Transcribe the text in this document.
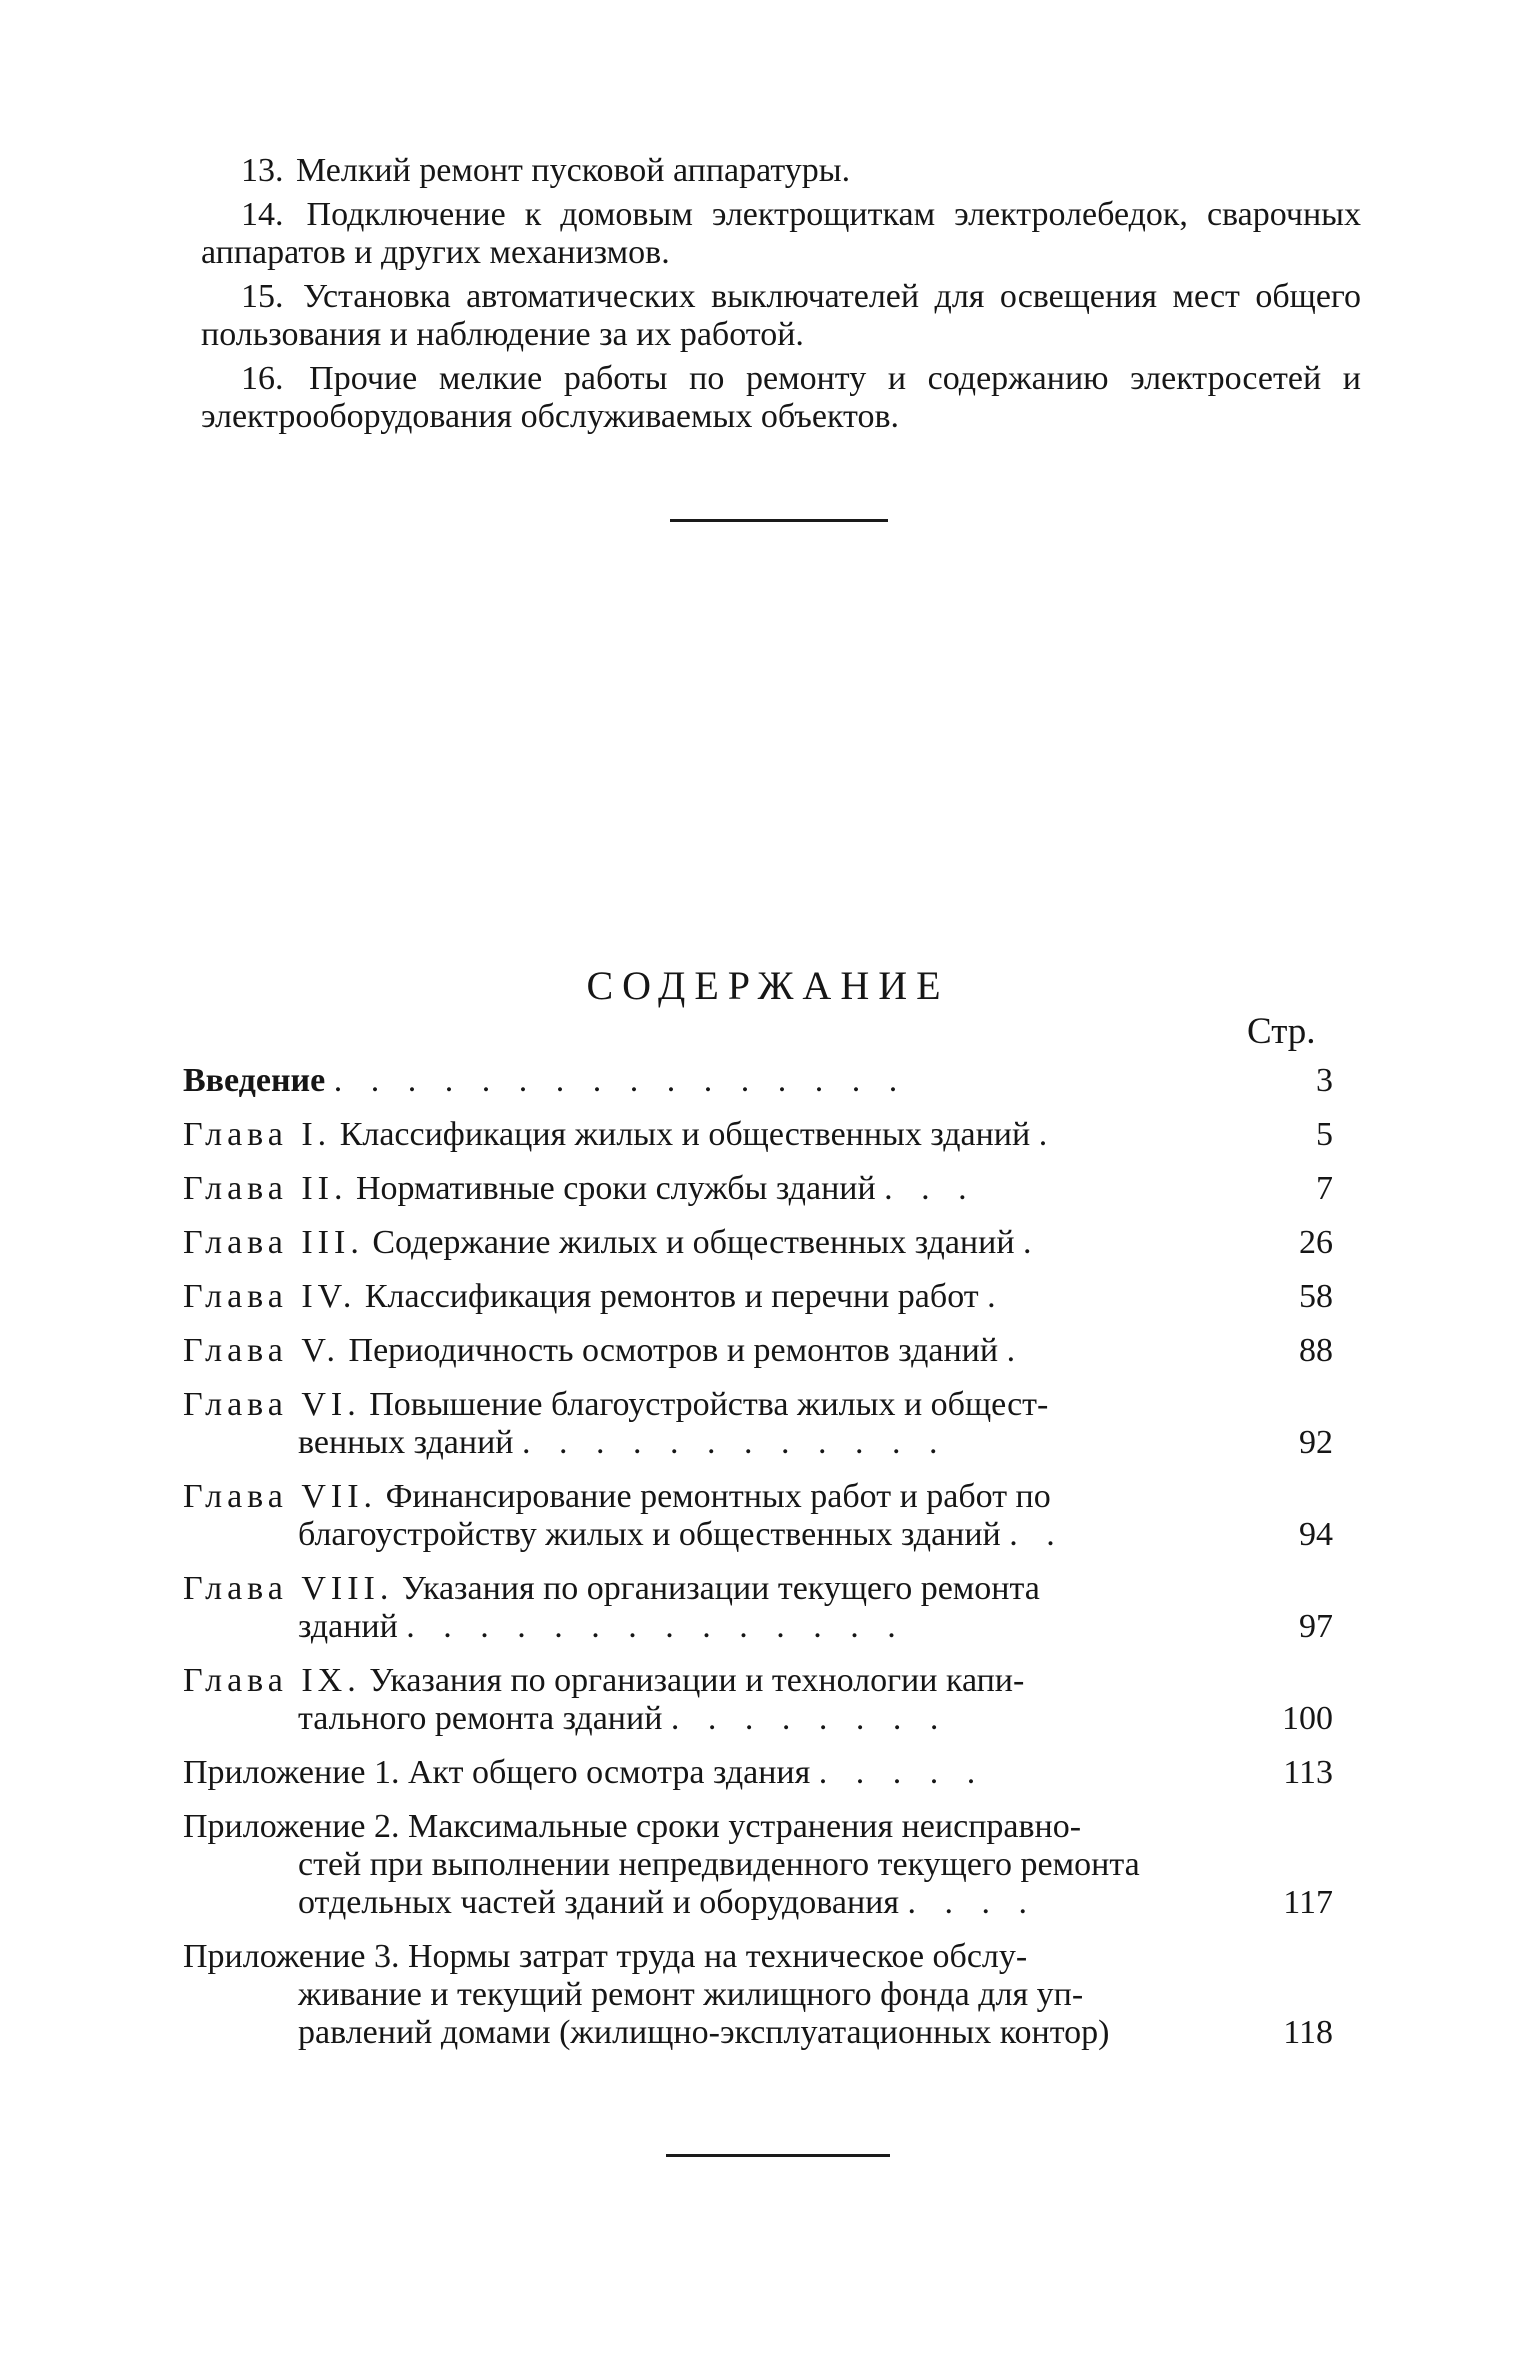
13. Мелкий ремонт пусковой аппаратуры.

14. Подключение к домовым электрощиткам электролебедок, сварочных аппаратов и других механизмов.

15. Установка автоматических выключателей для освещения мест общего пользования и наблюдение за их работой.

16. Прочие мелкие работы по ремонту и содержанию электросетей и электрооборудования обслуживаемых объектов.

СОДЕРЖАНИЕ
Стр.
Введение . . . . . . . . . . . . . . . .	3
Глава I. Классификация жилых и общественных зданий .	5
Глава II. Нормативные сроки службы зданий . . .	7
Глава III. Содержание жилых и общественных зданий .	26
Глава IV. Классификация ремонтов и перечни работ .	58
Глава V. Периодичность осмотров и ремонтов зданий .	88
Глава VI. Повышение благоустройства жилых и общест-
венных зданий . . . . . . . . . . . .	92
Глава VII. Финансирование ремонтных работ и работ по
благоустройству жилых и общественных зданий . .	94
Глава VIII. Указания по организации текущего ремонта
зданий . . . . . . . . . . . . . .	97
Глава IX. Указания по организации и технологии капи-
тального ремонта зданий . . . . . . . .	100
Приложение 1. Акт общего осмотра здания . . . . .	113
Приложение 2. Максимальные сроки устранения неисправно-
стей при выполнении непредвиденного текущего ремонта
отдельных частей зданий и оборудования . . . .	117
Приложение 3. Нормы затрат труда на техническое обслу-
живание и текущий ремонт жилищного фонда для уп-
равлений домами (жилищно-эксплуатационных контор)	118
